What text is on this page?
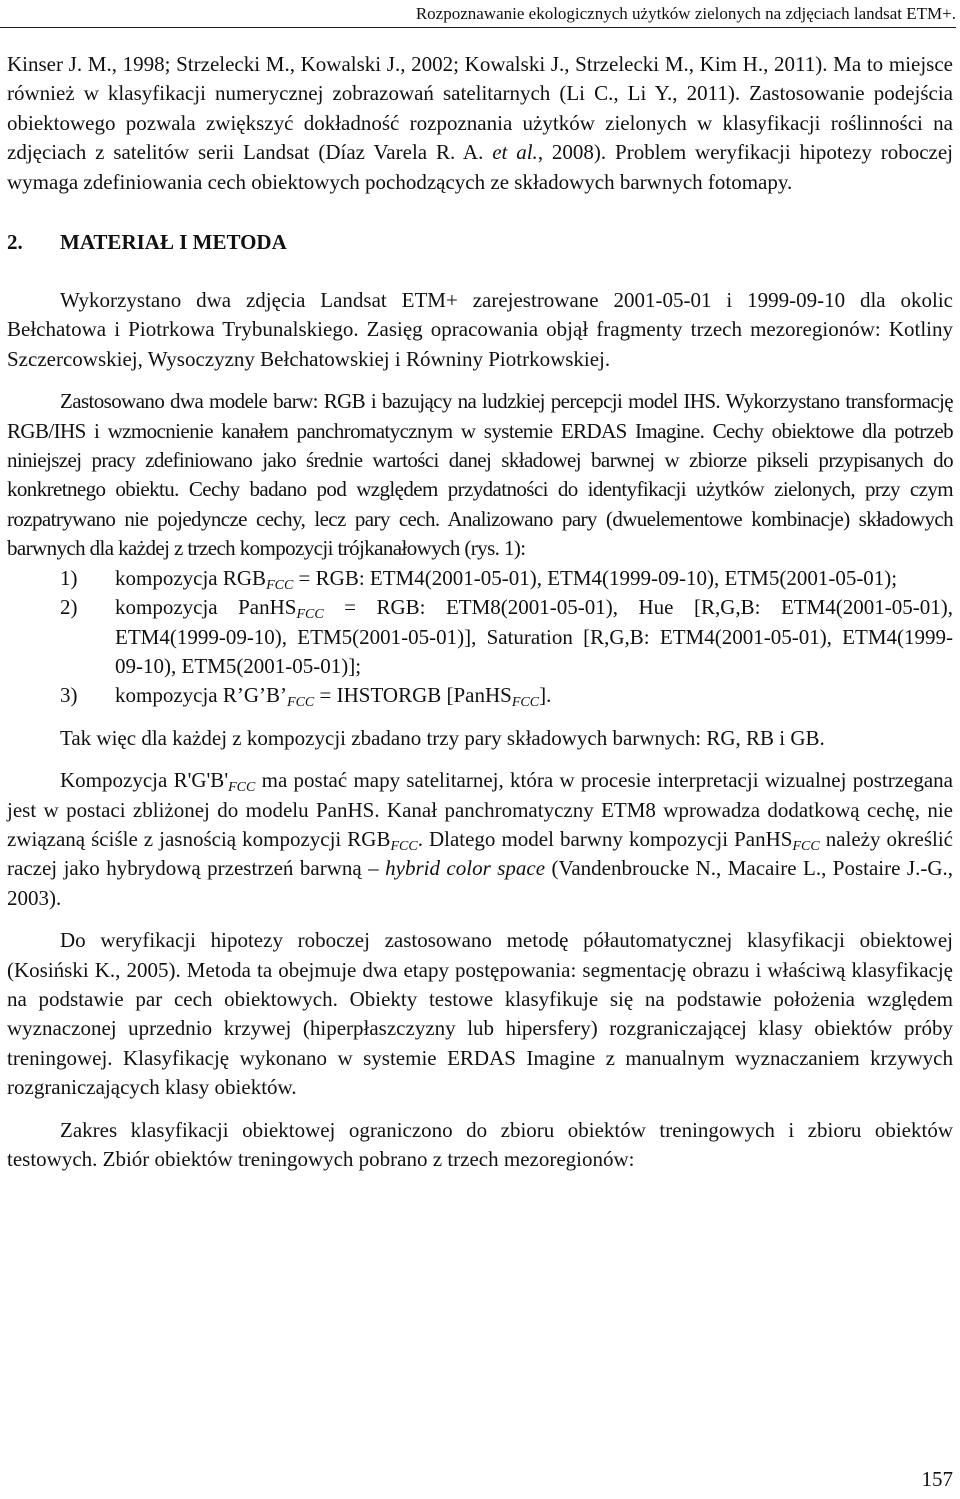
Rozpoznawanie ekologicznych użytków zielonych na zdjęciach landsat ETM+.

Kinser J. M., 1998; Strzelecki M., Kowalski J., 2002; Kowalski J., Strzelecki M., Kim H., 2011). Ma to miejsce również w klasyfikacji numerycznej zobrazowań satelitarnych (Li C., Li Y., 2011). Zastosowanie podejścia obiektowego pozwala zwiększyć dokładność rozpoznania użytków zielonych w klasyfikacji roślinności na zdjęciach z satelitów serii Landsat (Díaz Varela R. A. et al., 2008). Problem weryfikacji hipotezy roboczej wymaga zdefiniowania cech obiektowych pochodzących ze składowych barwnych fotomapy.

2. MATERIAŁ I METODA

Wykorzystano dwa zdjęcia Landsat ETM+ zarejestrowane 2001-05-01 i 1999-09-10 dla okolic Bełchatowa i Piotrkowa Trybunalskiego. Zasięg opracowania objął fragmenty trzech mezoregionów: Kotliny Szczercowskiej, Wysoczyzny Bełchatowskiej i Równiny Piotrkowskiej.

Zastosowano dwa modele barw: RGB i bazujący na ludzkiej percepcji model IHS. Wykorzystano transformację RGB/IHS i wzmocnienie kanałem panchromatycznym w systemie ERDAS Imagine. Cechy obiektowe dla potrzeb niniejszej pracy zdefiniowano jako średnie wartości danej składowej barwnej w zbiorze pikseli przypisanych do konkretnego obiektu. Cechy badano pod względem przydatności do identyfikacji użytków zielonych, przy czym rozpatrywano nie pojedyncze cechy, lecz pary cech. Analizowano pary (dwuelementowe kombinacje) składowych barwnych dla każdej z trzech kompozycji trójkanałowych (rys. 1):

1) kompozycja $RGB_{FCC}$ = RGB: ETM4(2001-05-01), ETM4(1999-09-10), ETM5(2001-05-01);
2) kompozycja PanHS$_{FCC}$ = RGB: ETM8(2001-05-01), Hue [R,G,B: ETM4(2001-05-01), ETM4(1999-09-10), ETM5(2001-05-01)], Saturation [R,G,B: ETM4(2001-05-01), ETM4(1999-09-10), ETM5(2001-05-01)];
3) kompozycja $R’G’B’_{FCC}$ = IHSTORGB [PanHS$_{FCC}$].

Tak więc dla każdej z kompozycji zbadano trzy pary składowych barwnych: RG, RB i GB.

Kompozycja $R'G'B'_{FCC}$ ma postać mapy satelitarnej, która w procesie interpretacji wizualnej postrzegana jest w postaci zbliżonej do modelu PanHS. Kanał panchromatyczny ETM8 wprowadza dodatkową cechę, nie związaną ściśle z jasnością kompozycji $RGB_{FCC}$. Dlatego model barwny kompozycji PanHS$_{FCC}$ należy określić raczej jako hybrydową przestrzeń barwną – hybrid color space (Vandenbroucke N., Macaire L., Postaire J.-G., 2003).

Do weryfikacji hipotezy roboczej zastosowano metodę półautomatycznej klasyfikacji obiektowej (Kosiński K., 2005). Metoda ta obejmuje dwa etapy postępowania: segmentację obrazu i właściwą klasyfikację na podstawie par cech obiektowych. Obiekty testowe klasyfikuje się na podstawie położenia względem wyznaczonej uprzednio krzywej (hiperpłaszczyzny lub hipersfery) rozgraniczającej klasy obiektów próby treningowej. Klasyfikację wykonano w systemie ERDAS Imagine z manualnym wyznaczaniem krzywych rozgraniczających klasy obiektów.

Zakres klasyfikacji obiektowej ograniczono do zbioru obiektów treningowych i zbioru obiektów testowych. Zbiór obiektów treningowych pobrano z trzech mezoregionów:

157
